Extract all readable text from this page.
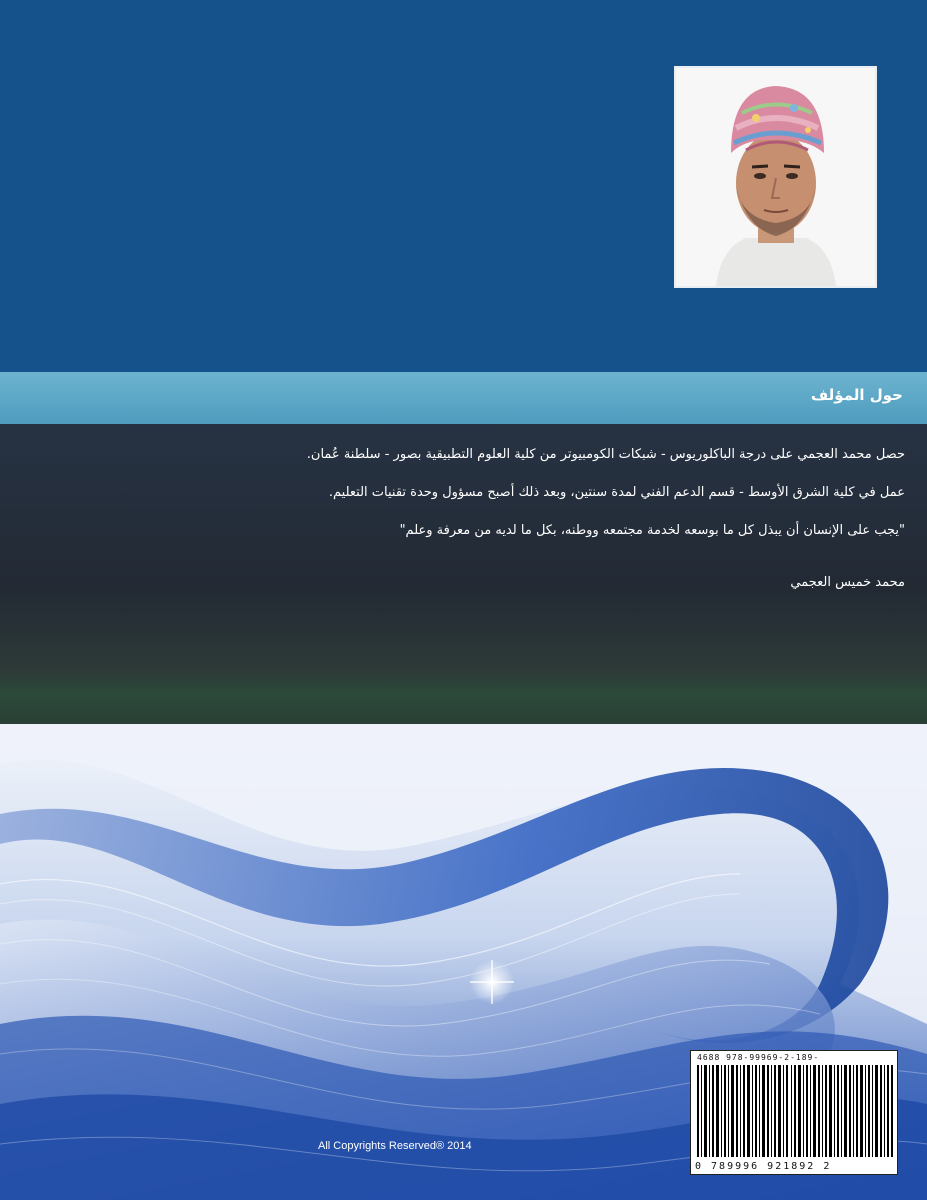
حول المؤلف

حصل محمد العجمي على درجة الباكلوريوس - شبكات الكومبيوتر من كلية العلوم التطبيقية بصور - سلطنة عُمان.

عمل في كلية الشرق الأوسط - قسم الدعم الفني لمدة سنتين، وبعد ذلك أصبح مسؤول وحدة تقنيات التعليم.

"يجب على الإنسان أن يبذل كل ما بوسعه لخدمة مجتمعه ووطنه، بكل ما لديه من معرفة وعلم"

محمد خميس العجمي

4688 978-99969-2-189-
0 789996 921892 2
All Copyrights Reserved® 2014
